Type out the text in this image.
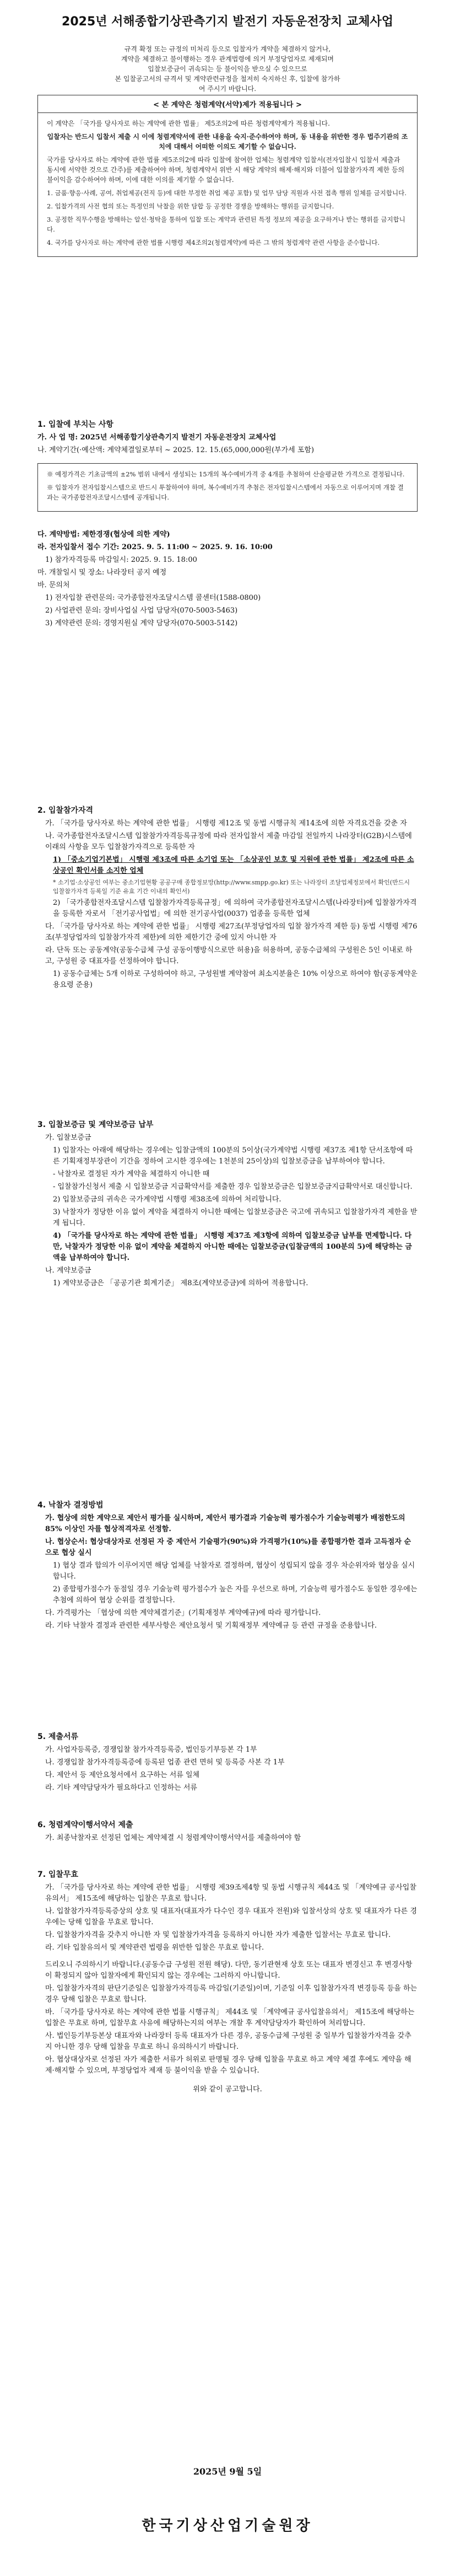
2025년 서해종합기상관측기지 발전기 자동운전장치 교체사업
규격 확정 또는 규정의 미처리 등으로 입찰자가 계약을 체결하지 않거나,
계약을 체결하고 불이행하는 경우 관계법령에 의거 부정당업자로 제재되며
입찰보증금이 귀속되는 등 불이익을 받으실 수 있으므로
본 입찰공고서의 규격서 및 계약관련규정을 철저히 숙지하신 후, 입찰에 참가하여 주시기 바랍니다.
< 본 계약은 청렴계약(서약)제가 적용됩니다 >

이 계약은 「국가를 당사자로 하는 계약에 관한 법률」 제5조의2에 따른 청렴계약제가 적용됩니다.

입찰자는 반드시 입찰서 제출 시 이에 청렴계약서에 관한 내용을 숙지·준수하여야 하며, 동 내용을 위반한 경우 법주기관의 조치에 대해서 어떠한 이의도 제기할 수 없습니다.

국가를 당사자로 하는 계약에 관한 법률 제5조의2에 따라 입찰에 참여한 업체는 청렴계약 입찰서(전자입찰시 입찰서 제출과 동시에 서약한 것으로 간주)를 제출하여야 하며, 청렴계약서 위반 시 해당 계약의 해제·해지와 더불어 입찰참가자격 제한 등의 불이익을 감수하여야 하며, 이에 대한 이의를 제기할 수 없습니다.

1. 금품·향응·사례, 공여, 취업제공(전직 등)에 대한 부정한 취업 제공 포함) 및 업무 담당 직원과 사전 접촉 행위 일체를 금지합니다.

2. 입찰가격의 사전 협의 또는 특정인의 낙찰을 위한 담합 등 공정한 경쟁을 방해하는 행위를 금지합니다.

3. 공정한 직무수행을 방해하는 알선·청탁을 통하여 입찰 또는 계약과 관련된 특정 정보의 제공을 요구하거나 받는 행위를 금지합니다.

4. 국가를 당사자로 하는 계약에 관한 법률 시행령 제4조의2(청렴계약)에 따른 그 밖의 청렴계약 관련 사항을 준수합니다.

1. 입찰에 부치는 사항

가. 사 업 명: 2025년 서해종합기상관측기지 발전기 자동운전장치 교체사업

나. 계약기간(·예산액: 계약체결일로부터 ~ 2025. 12. 15.(65,000,000원(부가세 포함)

※ 예정가격은 기초금액의 ±2% 범위 내에서 생성되는 15개의 복수예비가격 중 4개를 추첨하여 산술평균한 가격으로 결정됩니다.

※ 입찰자가 전자입찰시스템으로 반드시 투찰하여야 하며, 복수예비가격 추첨은 전자입찰시스템에서 자동으로 이루어지며 개찰 결과는 국가종합전자조달시스템에 공개됩니다.

다. 계약방법: 제한경쟁(협상에 의한 계약)

라. 전자입찰서 접수 기간: 2025. 9. 5. 11:00 ~ 2025. 9. 16. 10:00

1) 참가자격등록 마감일시: 2025. 9. 15. 18:00

마. 개찰일시 및 장소: 나라장터 공지 예정

바. 문의처

1) 전자입찰 관련문의: 국가종합전자조달시스템 콜센터(1588-0800)

2) 사업관련 문의: 장비사업실 사업 담당자(070-5003-5463)

3) 계약관련 문의: 경영지원실 계약 담당자(070-5003-5142)

2. 입찰참가자격

가. 「국가를 당사자로 하는 계약에 관한 법률」 시행령 제12조 및 동법 시행규칙 제14조에 의한 자격요건을 갖춘 자

나. 국가종합전자조달시스템 입찰참가자격등록규정에 따라 전자입찰서 제출 마감일 전일까지 나라장터(G2B)시스템에 이래의 사항을 모두 입찰참가자격으로 등록한 자

1) 「중소기업기본법」 시행령 제3조에 따른 소기업 또는 「소상공인 보호 및 지원에 관한 법률」 제2조에 따른 소상공인 확인서를 소지한 업체

* 소기업·소상공인 여부는 중소기업현황 공공구매 종합정보망(http://www.smpp.go.kr) 또는 나라장터 조달업체정보에서 확인(반드시 입찰참가자격 등록일 기준 유효 기간 이내의 확인서)

2) 「국가종합전자조달시스템 입찰참가자격등록규정」에 의하여 국가종합전자조달시스템(나라장터)에 입찰참가자격을 등록한 자로서 「전기공사업법」에 의한 전기공사업(0037) 업종을 등록한 업체

다. 「국가를 당사자로 하는 계약에 관한 법률」 시행령 제27조(부정당업자의 입찰 참가자격 제한 등) 동법 시행령 제76조(부정당업자의 입찰참가자격 제한)에 의한 제한기간 중에 있지 아니한 자

라. 단독 또는 공동계약(공동수급체 구성 공동이행방식으로만 허용)을 허용하며, 공동수급체의 구성원은 5인 이내로 하고, 구성원 중 대표자를 선정하여야 합니다.

1) 공동수급체는 5개 이하로 구성하여야 하고, 구성원별 계약참여 최소지분율은 10% 이상으로 하여야 함(공동계약운용요령 준용)

3. 입찰보증금 및 계약보증금 납부

가. 입찰보증금

1) 입찰자는 아래에 해당하는 경우에는 입찰금액의 100분의 5이상(국가계약법 시행령 제37조 제1항 단서조항에 따른 기획재정부장관이 기간을 정하여 고시한 경우에는 1천분의 25이상)의 입찰보증금을 납부하여야 합니다.

- 낙찰자로 결정된 자가 계약을 체결하지 아니한 때

- 입찰참가신청서 제출 시 입찰보증금 지급확약서를 제출한 경우 입찰보증금은 입찰보증금지급확약서로 대신합니다.

2) 입찰보증금의 귀속은 국가계약법 시행령 제38조에 의하여 처리합니다.

3) 낙찰자가 정당한 이유 없이 계약을 체결하지 아니한 때에는 입찰보증금은 국고에 귀속되고 입찰참가자격 제한을 받게 됩니다.

4) 「국가를 당사자로 하는 계약에 관한 법률」 시행령 제37조 제3항에 의하여 입찰보증금 납부를 면제합니다. 다만, 낙찰자가 정당한 이유 없이 계약을 체결하지 아니한 때에는 입찰보증금(입찰금액의 100분의 5)에 해당하는 금액을 납부하여야 합니다.

나. 계약보증금

1) 계약보증금은 「공공기관 회계기준」 제8조(계약보증금)에 의하여 적용합니다.

4. 낙찰자 결정방법

가. 협상에 의한 계약으로 제안서 평가를 실시하며, 제안서 평가결과 기술능력 평가점수가 기술능력평가 배점한도의 85% 이상인 자를 협상적격자로 선정함.

나. 협상순서: 협상대상자로 선정된 자 중 제안서 기술평가(90%)와 가격평가(10%)를 종합평가한 결과 고득점자 순으로 협상 실시

1) 협상 결과 합의가 이루어지면 해당 업체를 낙찰자로 결정하며, 협상이 성립되지 않을 경우 차순위자와 협상을 실시합니다.

2) 종합평가점수가 동점일 경우 기술능력 평가점수가 높은 자를 우선으로 하며, 기술능력 평가점수도 동일한 경우에는 추첨에 의하여 협상 순위를 결정합니다.

다. 가격평가는 「협상에 의한 계약체결기준」(기획재정부 계약예규)에 따라 평가합니다.

라. 기타 낙찰자 결정과 관련한 세부사항은 제안요청서 및 기획재정부 계약예규 등 관련 규정을 준용합니다.

5. 제출서류

가. 사업자등록증, 경쟁입찰 참가자격등록증, 법인등기부등본 각 1부

나. 경쟁입찰 참가자격등록증에 등록된 업종 관련 면허 및 등록증 사본 각 1부

다. 제안서 등 제안요청서에서 요구하는 서류 일체

라. 기타 계약담당자가 필요하다고 인정하는 서류

6. 청렴계약이행서약서 제출

가. 최종낙찰자로 선정된 업체는 계약체결 시 청렴계약이행서약서를 제출하여야 함

7. 입찰무효

가. 「국가를 당사자로 하는 계약에 관한 법률」 시행령 제39조제4항 및 동법 시행규칙 제44조 및 「계약예규 공사입찰유의서」 제15조에 해당하는 입찰은 무효로 합니다.

나. 입찰참가자격등록증상의 상호 및 대표자(대표자가 다수인 경우 대표자 전원)와 입찰서상의 상호 및 대표자가 다른 경우에는 당해 입찰을 무효로 합니다.

다. 입찰참가자격을 갖추지 아니한 자 및 입찰참가자격을 등록하지 아니한 자가 제출한 입찰서는 무효로 합니다.

라. 기타 입찰유의서 및 계약관련 법령을 위반한 입찰은 무효로 합니다.

드리오니 주의하시기 바랍니다.(공동수급 구성원 전원 해당). 다만, 동기관현재 상호 또는 대표자 변경신고 후 변경사항이 확정되지 않아 입찰자에게 확인되지 않는 경우에는 그러하지 아니합니다.

마. 입찰참가자격의 판단기준일은 입찰참가자격등록 마감일(기준일)이며, 기준일 이후 입찰참가자격 변경등록 등을 하는 경우 당해 입찰은 무효로 합니다.

바. 「국가를 당사자로 하는 계약에 관한 법률 시행규칙」 제44조 및 「계약예규 공사입찰유의서」 제15조에 해당하는 입찰은 무효로 하며, 입찰무효 사유에 해당하는지의 여부는 개찰 후 계약담당자가 확인하여 처리합니다.

사. 법인등기부등본상 대표자와 나라장터 등록 대표자가 다른 경우, 공동수급체 구성원 중 일부가 입찰참가자격을 갖추지 아니한 경우 당해 입찰을 무효로 하니 유의하시기 바랍니다.

아. 협상대상자로 선정된 자가 제출한 서류가 허위로 판명될 경우 당해 입찰을 무효로 하고 계약 체결 후에도 계약을 해제·해지할 수 있으며, 부정당업자 제재 등 불이익을 받을 수 있습니다.

위와 같이 공고합니다.

2025년 9월 5일
한국기상산업기술원장
